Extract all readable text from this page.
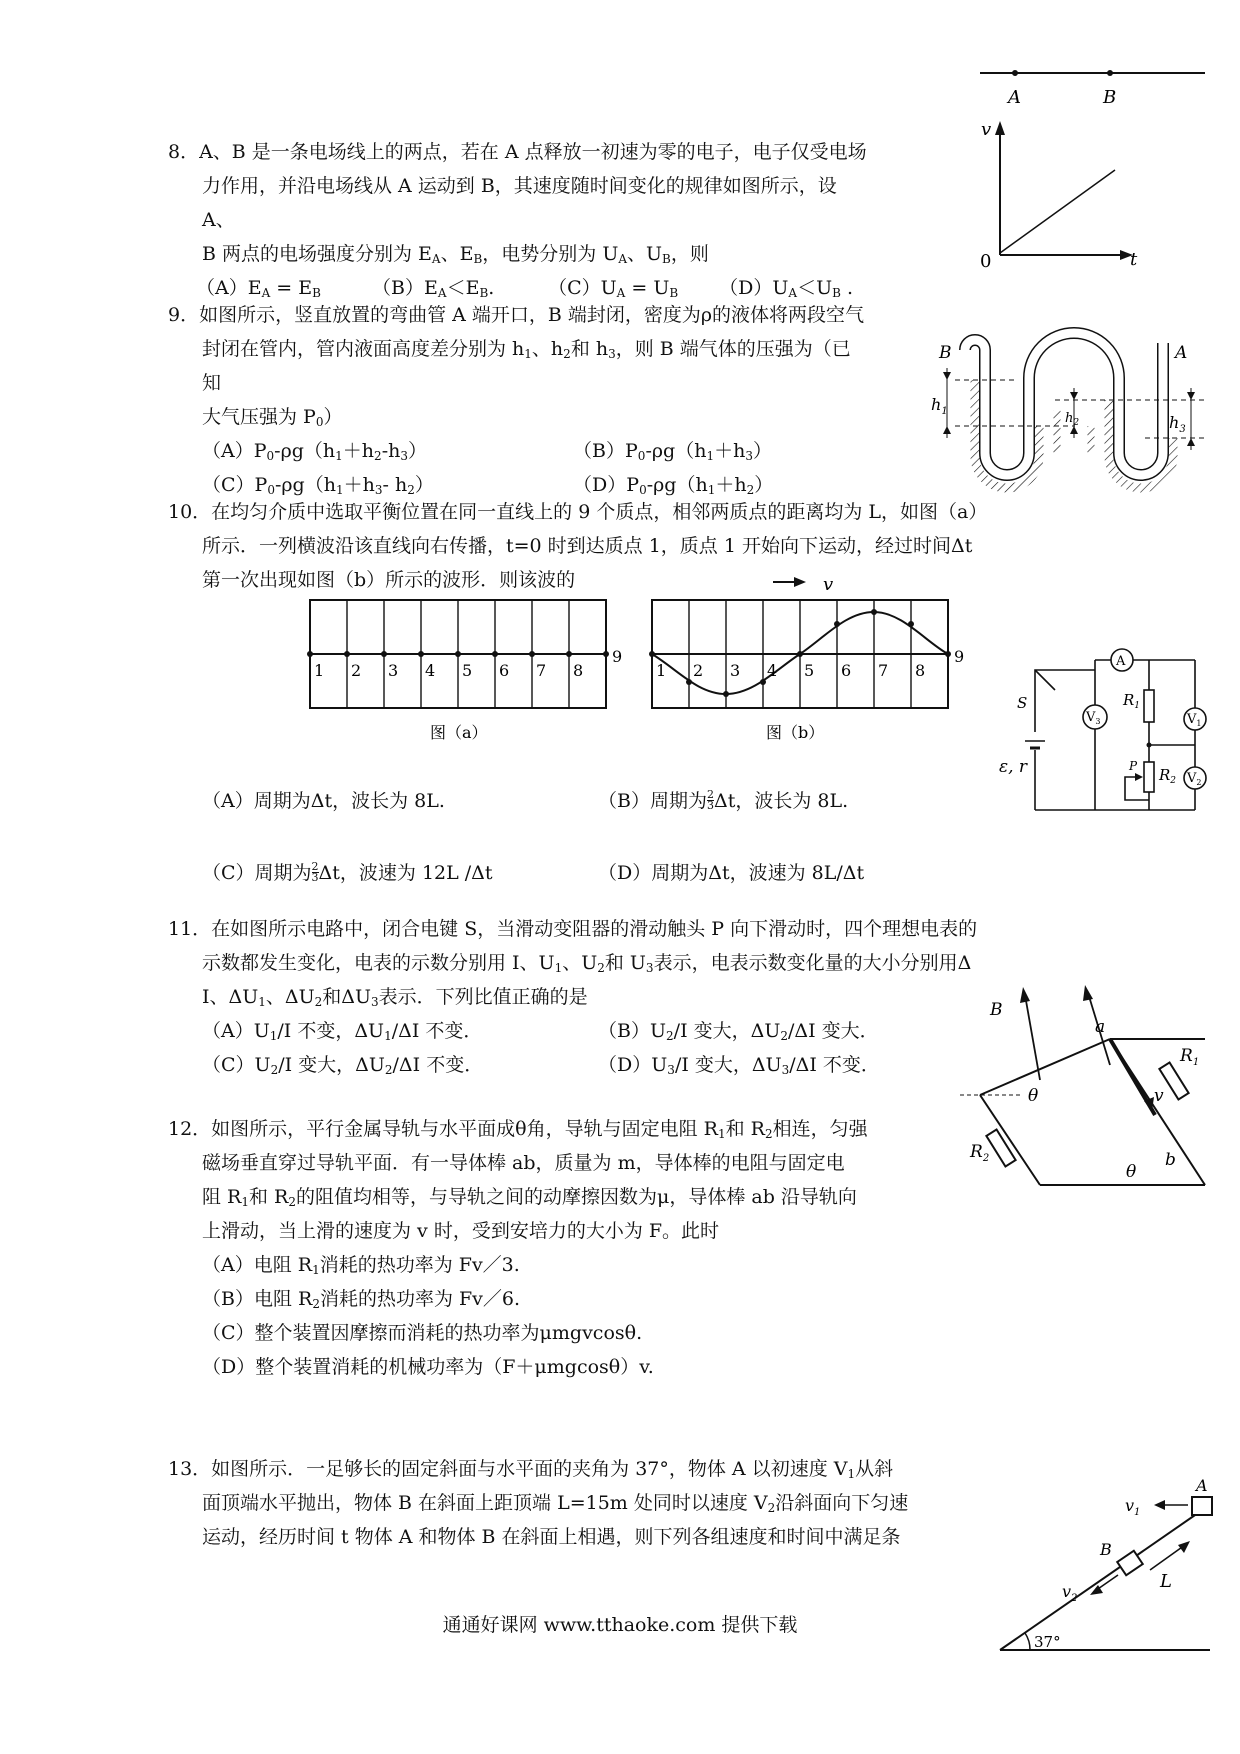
8．A、B 是一条电场线上的两点，若在 A 点释放一初速为零的电子，电子仅受电场
力作用，并沿电场线从 A 运动到 B，其速度随时间变化的规律如图所示，设 A、
B 两点的电场强度分别为 $E_A$、$E_B$，电势分别为 $U_A$、$U_B$，则
$(A)E_A = E_B$	$(B)E_A<E_B$.	$(C)U_A = U_B$ $(D)U_A<U_B$ .
A	B
v
t
0
9．如图所示，竖直放置的弯曲管 A 端开口，B 端封闭，密度为ρ的液体将两段空气
封闭在管内，管内液面高度差分别为 $h_1$、$h_2$和 $h_3$，则 B 端气体的压强为（已知
大气压强为 $P_0$）
$(A)P_0-\rho g(h_1+h_2-h_3)$	$(B)P_0-\rho g(h_1+h_3)$
$(C)P_0-\rho g(h_1+h_3-$ $h_2$）	$(D)P_0-\rho g(h_1+h_2)$
B	A
$h_1$	$h_2$	$h_3$
10．在均匀介质中选取平衡位置在同一直线上的 9 个质点，相邻两质点的距离均为 L，如图（a）
所示．一列横波沿该直线向右传播，t=0 时到达质点 1，质点 1 开始向下运动，经过时间Δt
第一次出现如图（b）所示的波形．则该波的
1 2 3 4 5 6 7 8
9
图（a）
v
1 2 3 4 5 6 7 8
9
图（b）
（A）周期为Δt，波长为 8L.	（B）周期为 $\frac{2}{3}$ Δt，波长为 8L.
（C）周期为 $\frac{2}{3}$ Δt，波速为 12L /Δt	（D）周期为Δt，波速为 8L/Δt
A
$V_1$
$V_2$
$V_3$
S
ε, r
$R_1$
$R_2$
P
11．在如图所示电路中，闭合电键 S，当滑动变阻器的滑动触头 P 向下滑动时，四个理想电表的
示数都发生变化，电表的示数分别用 I、$U_1$、$U_2$和 $U_3$表示，电表示数变化量的大小分别用Δ
I、$\Delta U_1$、$\Delta U_2$和$\Delta U_3$表示．下列比值正确的是
$(A)U_1/I$ 不变，$\Delta U_1/\Delta I$ 不变．	$(B)U_2/I$ 变大，$\Delta U_2/\Delta I$ 变大．
$(C)U_2/I$ 变大，$\Delta U_2/\Delta I$ 不变．	$(D)U_3/I$ 变大，$\Delta U_3/\Delta I$ 不变．
B
a
b
$R_1$
$R_2$
θ
θ
v
12．如图所示，平行金属导轨与水平面成θ角，导轨与固定电阻 $R_1$和 $R_2$相连，匀强
磁场垂直穿过导轨平面．有一导体棒 ab，质量为 m，导体棒的电阻与固定电
阻 $R_1$和 $R_2$的阻值均相等，与导轨之间的动摩擦因数为μ，导体棒 ab 沿导轨向
上滑动，当上滑的速度为 v 时，受到安培力的大小为 F。此时
（A）电阻 $R_1$消耗的热功率为 Fv／3.
（B）电阻 $R_2$消耗的热功率为 Fv／6.
（C）整个装置因摩擦而消耗的热功率为μmgvcosθ.
（D）整个装置消耗的机械功率为（F＋μmgcosθ）v.
13．如图所示．一足够长的固定斜面与水平面的夹角为 37°，物体 A 以初速度 $V_1$从斜
面顶端水平抛出，物体 B 在斜面上距顶端 L=15m 处同时以速度 $V_2$沿斜面向下匀速
运动，经历时间 t 物体 A 和物体 B 在斜面上相遇，则下列各组速度和时间中满足条
A
B
$v_1$
$v_2$
L
37°
通通好课网 www.tthaoke.com 提供下载
